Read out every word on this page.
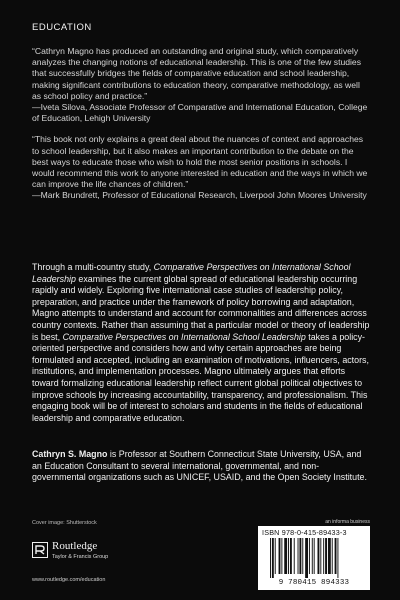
EDUCATION

“Cathryn Magno has produced an outstanding and original study, which comparatively analyzes the changing notions of educational leadership. This is one of the few studies that successfully bridges the fields of comparative education and school leadership, making significant contributions to education theory, comparative methodology, as well as school policy and practice.”

—Iveta Silova, Associate Professor of Comparative and International Education, College of Education, Lehigh University

“This book not only explains a great deal about the nuances of context and approaches to school leadership, but it also makes an important contribution to the debate on the best ways to educate those who wish to hold the most senior positions in schools. I would recommend this work to anyone interested in education and the ways in which we can improve the life chances of children.”

—Mark Brundrett, Professor of Educational Research, Liverpool John Moores University

Through a multi-country study, Comparative Perspectives on International School Leadership examines the current global spread of educational leadership occurring rapidly and widely. Exploring five international case studies of leadership policy, preparation, and practice under the framework of policy borrowing and adaptation, Magno attempts to understand and account for commonalities and differences across country contexts. Rather than assuming that a particular model or theory of leadership is best, Comparative Perspectives on International School Leadership takes a policy-oriented perspective and considers how and why certain approaches are being formulated and accepted, including an examination of motivations, influencers, actors, institutions, and implementation processes. Magno ultimately argues that efforts toward formalizing educational leadership reflect current global political objectives to improve schools by increasing accountability, transparency, and professionalism. This engaging book will be of interest to scholars and students in the fields of educational leadership and comparative education.
Cathryn S. Magno is Professor at Southern Connecticut State University, USA, and an Education Consultant to several international, governmental, and non-governmental organizations such as UNICEF, USAID, and the Open Society Institute.
Cover image: Shutterstock
Routledge
Taylor & Francis Group
www.routledge.com/education
an informa business
ISBN 978-0-415-89433-3
9 780415 894333
